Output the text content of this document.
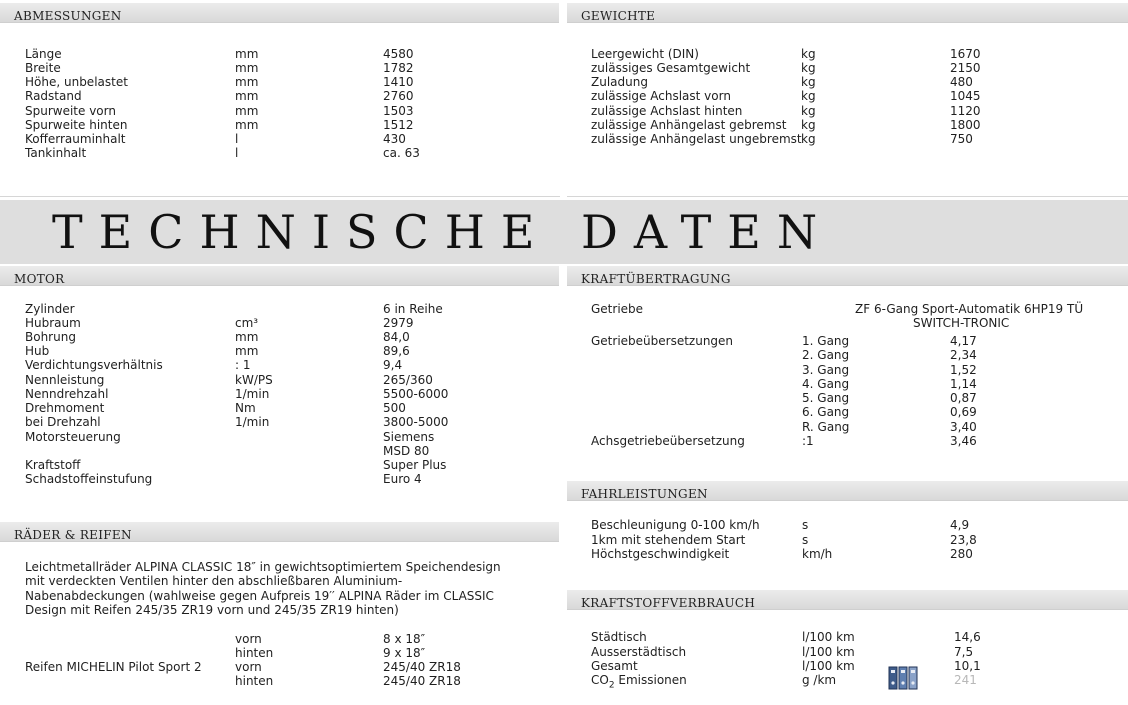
ABMESSUNGEN
Länge	mm	4580
Breite	mm	1782
Höhe, unbelastet	mm	1410
Radstand	mm	2760
Spurweite vorn	mm	1503
Spurweite hinten	mm	1512
Kofferrauminhalt	l	430
Tankinhalt	l	ca. 63
GEWICHTE
Leergewicht (DIN)	kg	1670
zulässiges Gesamtgewicht	kg	2150
Zuladung	kg	480
zulässige Achslast vorn	kg	1045
zulässige Achslast hinten	kg	1120
zulässige Anhängelast gebremst kg	1800
zulässige Anhängelast ungebremst kg	750
TECHNISCHE DATEN
MOTOR
Zylinder	6 in Reihe
Hubraum	cm³	2979
Bohrung	mm	84,0
Hub	mm	89,6
Verdichtungsverhältnis	: 1	9,4
Nennleistung	kW/PS	265/360
Nenndrehzahl	1/min	5500-6000
Drehmoment	Nm	500
bei Drehzahl	1/min	3800-5000
Motorsteuerung	Siemens
MSD 80
Kraftstoff	Super Plus
Schadstoffeinstufung	Euro 4
KRAFTÜBERTRAGUNG
Getriebe	ZF 6-Gang Sport-Automatik 6HP19 TÜ
SWITCH-TRONIC
Getriebeübersetzungen	1. Gang	4,17
2. Gang	2,34
3. Gang	1,52
4. Gang	1,14
5. Gang	0,87
6. Gang	0,69
R. Gang	3,40
Achsgetriebeübersetzung	:1	3,46
FAHRLEISTUNGEN
Beschleunigung 0-100 km/h	s	4,9
1km mit stehendem Start	s	23,8
Höchstgeschwindigkeit	km/h	280
RÄDER & REIFEN
Leichtmetallräder ALPINA CLASSIC 18″ in gewichtsoptimiertem Speichendesign mit verdeckten Ventilen hinter den abschließbaren Aluminium-Nabenabdeckungen (wahlweise gegen Aufpreis 19′′ ALPINA Räder im CLASSIC Design mit Reifen 245/35 ZR19 vorn und 245/35 ZR19 hinten)
vorn	8 x 18″
hinten	9 x 18″
Reifen MICHELIN Pilot Sport 2	vorn	245/40 ZR18
hinten	245/40 ZR18
KRAFTSTOFFVERBRAUCH
Städtisch	l/100 km	14,6
Ausserstädtisch	l/100 km	7,5
Gesamt	l/100 km	10,1
$CO_2$ Emissionen	g /km	241
